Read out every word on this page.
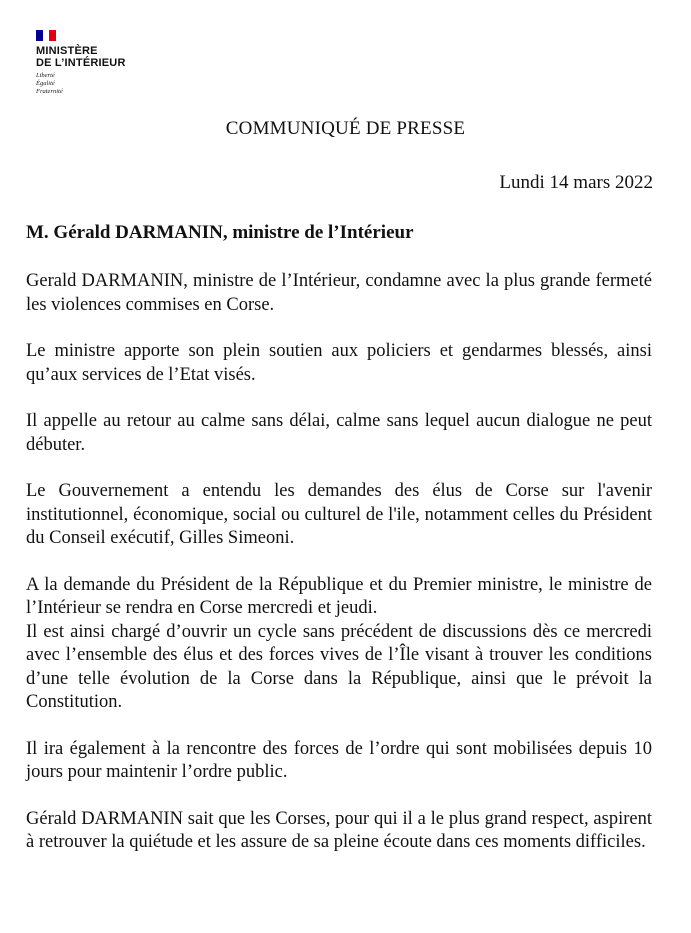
MINISTÈRE
DE L’INTÉRIEUR
Liberté
Égalité
Fraternité
COMMUNIQUÉ DE PRESSE
Lundi 14 mars 2022
M. Gérald DARMANIN, ministre de l’Intérieur

Gerald DARMANIN, ministre de l’Intérieur, condamne avec la plus grande fermeté les violences commises en Corse.

Le ministre apporte son plein soutien aux policiers et gendarmes blessés, ainsi qu’aux services de l’Etat visés.

Il appelle au retour au calme sans délai, calme sans lequel aucun dialogue ne peut débuter.

Le Gouvernement a entendu les demandes des élus de Corse sur l'avenir institutionnel, économique, social ou culturel de l'ile, notamment celles du Président du Conseil exécutif, Gilles Simeoni.

A la demande du Président de la République et du Premier ministre, le ministre de l’Intérieur se rendra en Corse mercredi et jeudi.

Il est ainsi chargé d’ouvrir un cycle sans précédent de discussions dès ce mercredi avec l’ensemble des élus et des forces vives de l’Île visant à trouver les conditions d’une telle évolution de la Corse dans la République, ainsi que le prévoit la Constitution.

Il ira également à la rencontre des forces de l’ordre qui sont mobilisées depuis 10 jours pour maintenir l’ordre public.

Gérald DARMANIN sait que les Corses, pour qui il a le plus grand respect, aspirent à retrouver la quiétude et les assure de sa pleine écoute dans ces moments difficiles.
